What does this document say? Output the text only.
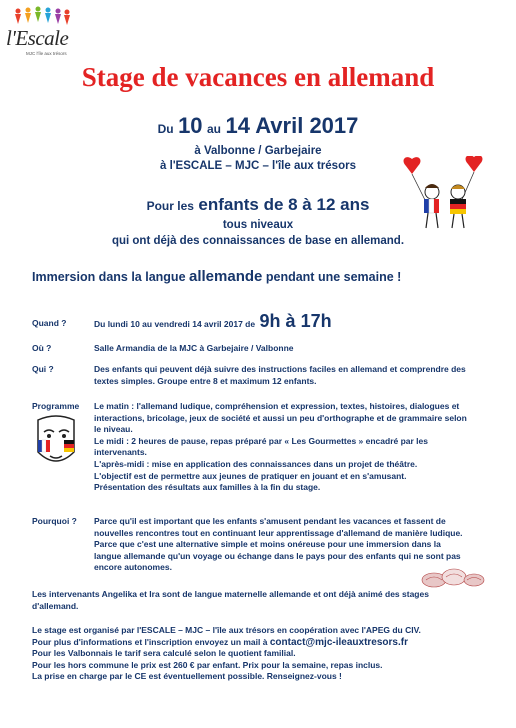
l'Escale
MJC l'île aux trésors
Stage de vacances en allemand
Du 10 au 14 Avril 2017
à Valbonne / Garbejaire
à l'ESCALE – MJC – l'île aux trésors
Pour les enfants de 8 à 12 ans
tous niveaux
qui ont déjà des connaissances de base en allemand.
Immersion dans la langue allemande pendant une semaine !
Quand ?	Du lundi 10 au vendredi 14 avril 2017 de 9h à 17h
Où ?	Salle Armandia de la MJC à Garbejaire / Valbonne
Qui ?	Des enfants qui peuvent déjà suivre des instructions faciles en allemand et comprendre des
textes simples. Groupe entre 8 et maximum 12 enfants.
Programme Le matin : l'allemand ludique, compréhension et expression, textes, histoires, dialogues et
interactions, bricolage, jeux de société et aussi un peu d'orthographe et de grammaire selon
le niveau.
Le midi : 2 heures de pause, repas préparé par « Les Gourmettes » encadré par les
intervenants.
L'après-midi : mise en application des connaissances dans un projet de théâtre.
L'objectif est de permettre aux jeunes de pratiquer en jouant et en s'amusant.
Présentation des résultats aux familles à la fin du stage.
Pourquoi ? Parce qu'il est important que les enfants s'amusent pendant les vacances et fassent de
nouvelles rencontres tout en continuant leur apprentissage d'allemand de manière ludique.
Parce que c'est une alternative simple et moins onéreuse pour une immersion dans la
langue allemande qu'un voyage ou échange dans le pays pour des enfants qui ne sont pas
encore autonomes.
Les intervenants Angelika et Ira sont de langue maternelle allemande et ont déjà animé des stages
d'allemand.
Le stage est organisé par l'ESCALE – MJC – l'île aux trésors en coopération avec l'APEG du CIV.
Pour plus d'informations et l'inscription envoyez un mail à contact@mjc-ileauxtresors.fr
Pour les Valbonnais le tarif sera calculé selon le quotient familial.
Pour les hors commune le prix est 260 € par enfant. Prix pour la semaine, repas inclus.
La prise en charge par le CE est éventuellement possible. Renseignez-vous !
